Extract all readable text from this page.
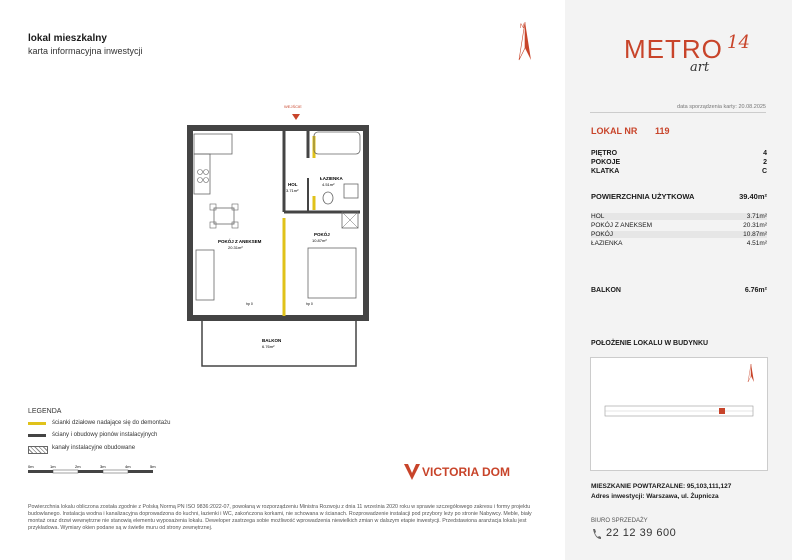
lokal mieszkalny
karta informacyjna inwestycji
N
WEJŚCIE
HOL
3.71m²
ŁAZIENKA
4.51m²
POKÓJ Z ANEKSEM
20.31m²
POKÓJ
10.87m²
BALKON
6.76m²
hp 0	hp 0
LEGENDA
ścianki działowe nadające się do demontażu
ściany i obudowy pionów instalacyjnych
kanały instalacyjne obudowane
0m	1m	2m	3m	4m	5m	VICTORIA DOM
Powierzchnia lokalu obliczona została zgodnie z Polską Normą PN ISO 9836:2022-07, powołaną w rozporządzeniu Ministra Rozwoju z dnia 11 września 2020 roku w sprawie szczegółowego zakresu i formy projektu budowlanego. Instalacja wodna i kanalizacyjna doprowadzona do kuchni, łazienki i WC, zakończona korkami, nie schowana w ścianach. Rozprowadzenie instalacji pod przybory leży po stronie Nabywcy. Meble, biały montaż oraz drzwi wewnętrzne nie stanowią elementu wyposażenia lokalu. Deweloper zastrzega sobie możliwość wprowadzenia niewielkich zmian w dalszym etapie inwestycji. Przedstawiona aranżacja lokalu jest przykładowa. Wymiary okien podane są w świetle muru od strony zewnętrznej.
METRO 14
art
data sporządzenia karty: 20.08.2025
LOKAL NR 119
PIĘTRO	4
POKOJE	2
KLATKA	C
POWIERZCHNIA UŻYTKOWA	39.40m²
HOL	3.71m²
POKÓJ Z ANEKSEM	20.31m²
POKÓJ	10.87m²
ŁAZIENKA	4.51m²
BALKON	6.76m²
POŁOŻENIE LOKALU W BUDYNKU
MIESZKANIE POWTARZALNE: 95,103,111,127
Adres inwestycji: Warszawa, ul. Żupnicza
BIURO SPRZEDAŻY
22 12 39 600
